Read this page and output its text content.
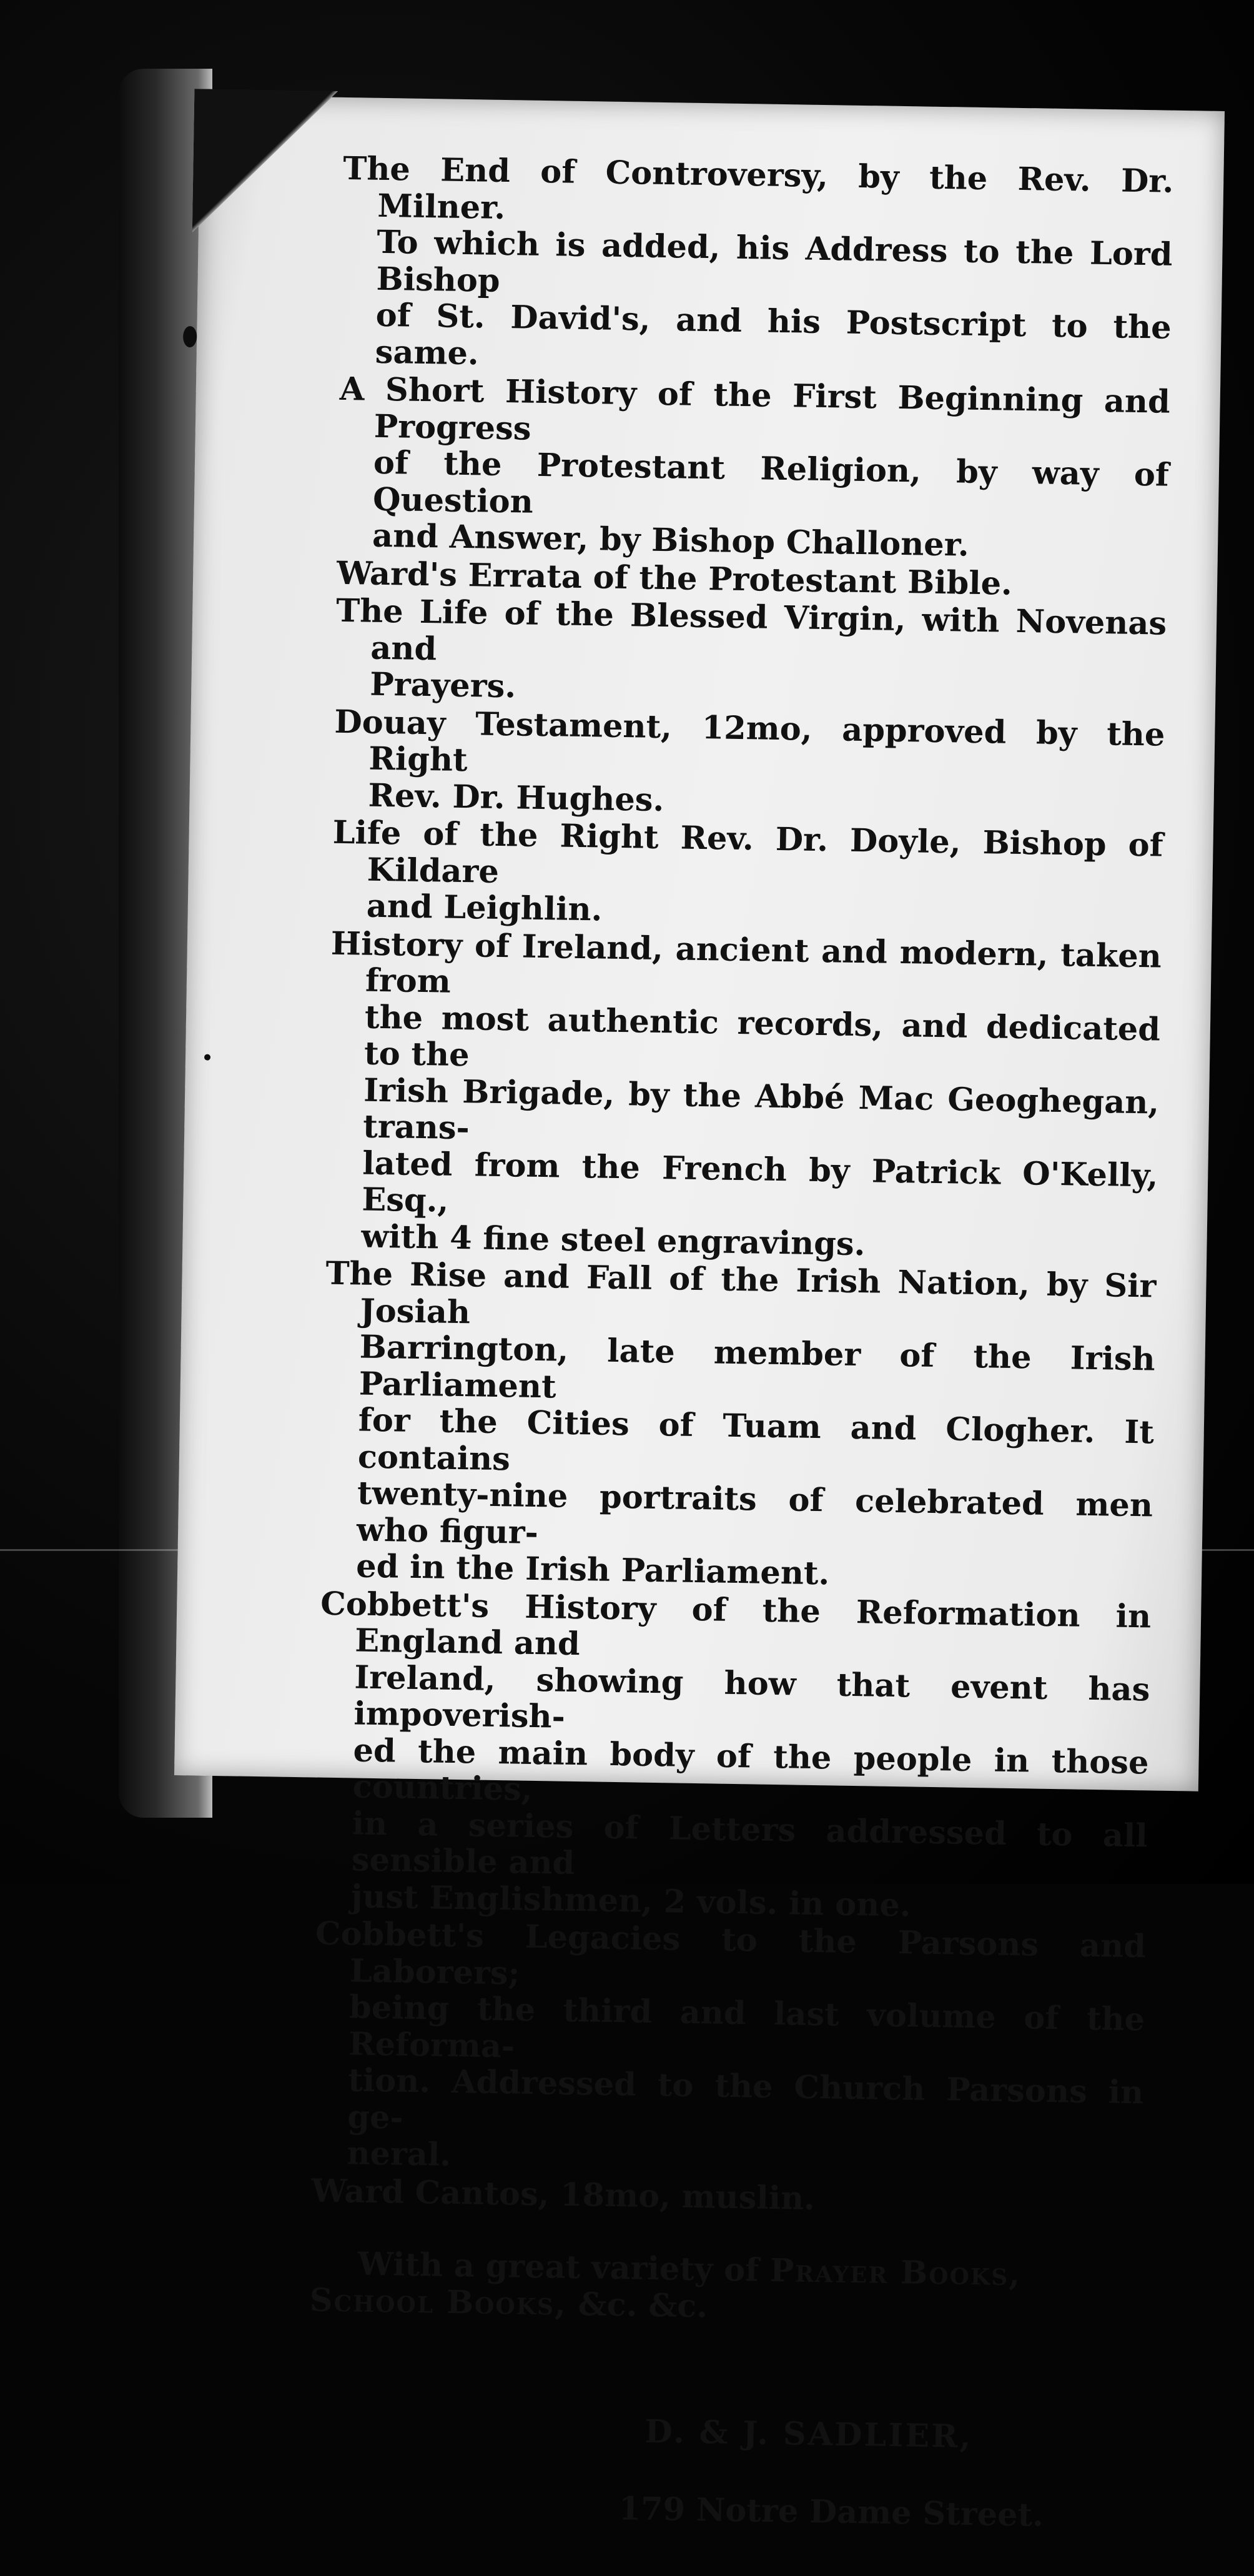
The End of Controversy, by the Rev. Dr. Milner.
To which is added, his Address to the Lord Bishop
of St. David's, and his Postscript to the same.

A Short History of the First Beginning and Progress
of the Protestant Religion, by way of Question
and Answer, by Bishop Challoner.

Ward's Errata of the Protestant Bible.

The Life of the Blessed Virgin, with Novenas and
Prayers.

Douay Testament, 12mo, approved by the Right
Rev. Dr. Hughes.

Life of the Right Rev. Dr. Doyle, Bishop of Kildare
and Leighlin.

History of Ireland, ancient and modern, taken from
the most authentic records, and dedicated to the
Irish Brigade, by the Abbé Mac Geoghegan, trans-
lated from the French by Patrick O'Kelly, Esq.,
with 4 fine steel engravings.

The Rise and Fall of the Irish Nation, by Sir Josiah
Barrington, late member of the Irish Parliament
for the Cities of Tuam and Clogher. It contains
twenty-nine portraits of celebrated men who figur-
ed in the Irish Parliament.

Cobbett's History of the Reformation in England and
Ireland, showing how that event has impoverish-
ed the main body of the people in those countries,
in a series of Letters addressed to all sensible and
just Englishmen, 2 vols. in one.

Cobbett's Legacies to the Parsons and Laborers;
being the third and last volume of the Reforma-
tion. Addressed to the Church Parsons in ge-
neral.

Ward Cantos, 18mo, muslin.

With a great variety of Prayer Books,
School Books, &c. &c.

D. & J. SADLIER,

179 Notre Dame Street.
